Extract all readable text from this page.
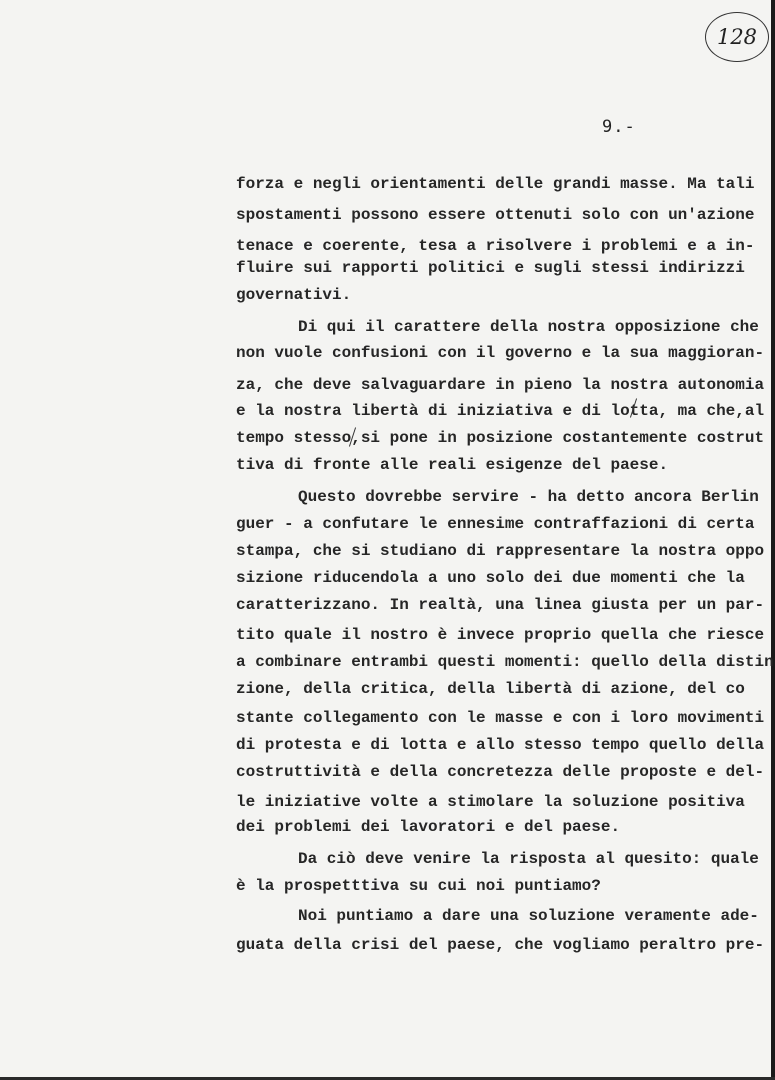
128
9.-
forza e negli orientamenti delle grandi masse. Ma tali
spostamenti possono essere ottenuti solo con un'azione
tenace e coerente, tesa a risolvere i problemi e a in-
fluire sui rapporti politici e sugli stessi indirizzi
governativi.
Di qui il carattere della nostra opposizione che
non vuole confusioni con il governo e la sua maggioran-
za, che deve salvaguardare in pieno la nostra autonomia
e la nostra libertà di iniziativa e di lotta, ma che,al
tempo stesso,si pone in posizione costantemente costrut
tiva di fronte alle reali esigenze del paese.
Questo dovrebbe servire - ha detto ancora Berlin
guer - a confutare le ennesime contraffazioni di certa
stampa, che si studiano di rappresentare la nostra oppo
sizione riducendola a uno solo dei due momenti che la
caratterizzano. In realtà, una linea giusta per un par-
tito quale il nostro è invece proprio quella che riesce
a combinare entrambi questi momenti: quello della distin
zione, della critica, della libertà di azione, del co
stante collegamento con le masse e con i loro movimenti
di protesta e di lotta e allo stesso tempo quello della
costruttività e della concretezza delle proposte e del-
le iniziative volte a stimolare la soluzione positiva
dei problemi dei lavoratori e del paese.
Da ciò deve venire la risposta al quesito: quale
è la prospetttiva su cui noi puntiamo?
Noi puntiamo a dare una soluzione veramente ade-
guata della crisi del paese, che vogliamo peraltro pre-
